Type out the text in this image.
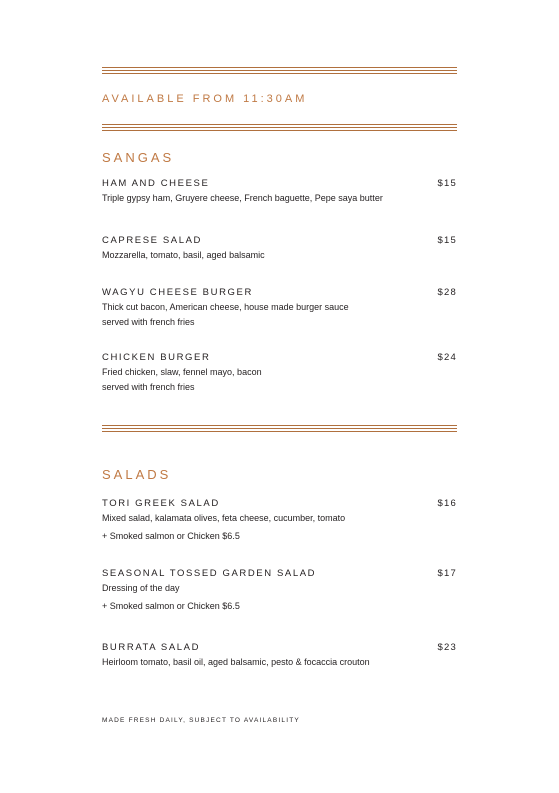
AVAILABLE FROM 11:30AM
SANGAS
HAM AND CHEESE	$15
Triple gypsy ham, Gruyere cheese, French baguette, Pepe saya butter
CAPRESE SALAD	$15
Mozzarella, tomato, basil, aged balsamic
WAGYU CHEESE BURGER	$28
Thick cut bacon, American cheese, house made burger sauce
served with french fries
CHICKEN BURGER	$24
Fried chicken, slaw, fennel mayo, bacon
served with french fries
SALADS
TORI GREEK SALAD	$16
Mixed salad, kalamata olives, feta cheese, cucumber, tomato
+ Smoked salmon or Chicken $6.5
SEASONAL TOSSED GARDEN SALAD	$17
Dressing of the day
+ Smoked salmon or Chicken $6.5
BURRATA SALAD	$23
Heirloom tomato, basil oil, aged balsamic, pesto & focaccia crouton
MADE FRESH DAILY, SUBJECT TO AVAILABILITY
